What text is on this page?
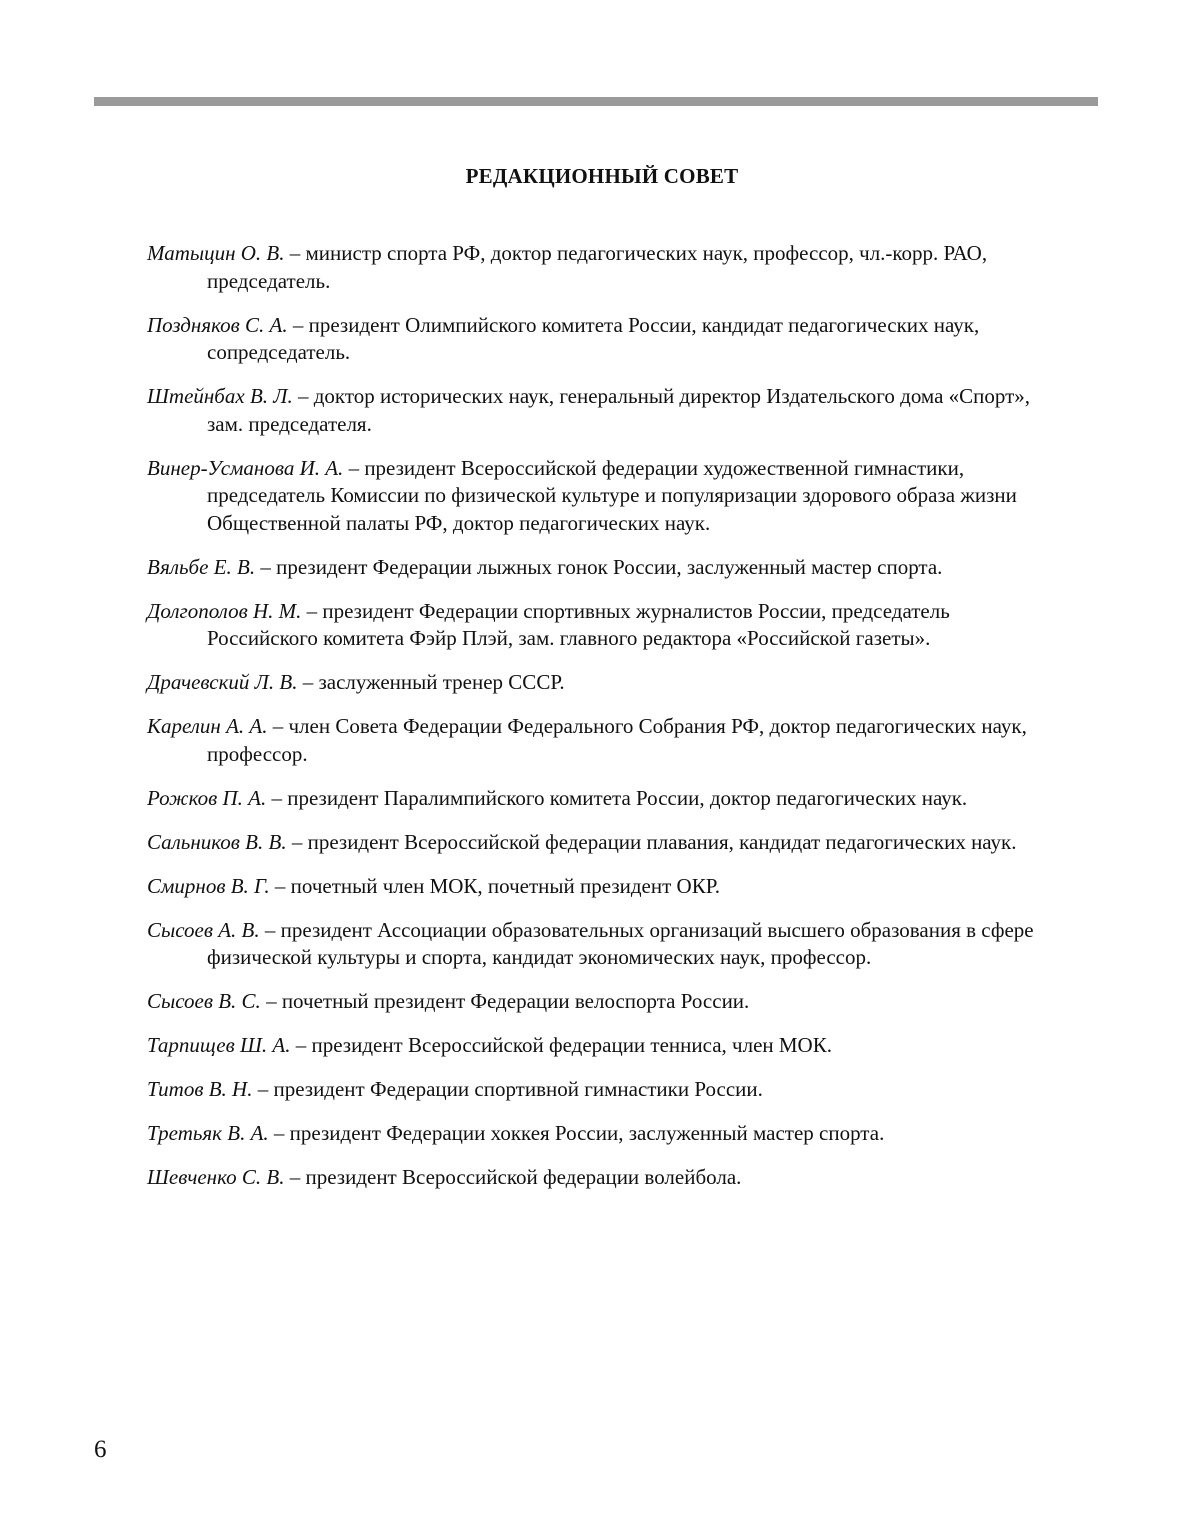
РЕДАКЦИОННЫЙ СОВЕТ
Матыцин О. В. – министр спорта РФ, доктор педагогических наук, профессор, чл.-корр. РАО, председатель.
Поздняков С. А. – президент Олимпийского комитета России, кандидат педагогических наук, сопредседатель.
Штейнбах В. Л. – доктор исторических наук, генеральный директор Издательского дома «Спорт», зам. председателя.
Винер-Усманова И. А. – президент Всероссийской федерации художественной гимнастики, председатель Комиссии по физической культуре и популяризации здорового образа жизни Общественной палаты РФ, доктор педагогических наук.
Вяльбе Е. В. – президент Федерации лыжных гонок России, заслуженный мастер спорта.
Долгополов Н. М. – президент Федерации спортивных журналистов России, председатель Российского комитета Фэйр Плэй, зам. главного редактора «Российской газеты».
Драчевский Л. В. – заслуженный тренер СССР.
Карелин А. А. – член Совета Федерации Федерального Собрания РФ, доктор педагогических наук, профессор.
Рожков П. А. – президент Паралимпийского комитета России, доктор педагогических наук.
Сальников В. В. – президент Всероссийской федерации плавания, кандидат педагогических наук.
Смирнов В. Г. – почетный член МОК, почетный президент ОКР.
Сысоев А. В. – президент Ассоциации образовательных организаций высшего образования в сфере физической культуры и спорта, кандидат экономических наук, профессор.
Сысоев В. С. – почетный президент Федерации велоспорта России.
Тарпищев Ш. А. – президент Всероссийской федерации тенниса, член МОК.
Титов В. Н. – президент Федерации спортивной гимнастики России.
Третьяк В. А. – президент Федерации хоккея России, заслуженный мастер спорта.
Шевченко С. В. – президент Всероссийской федерации волейбола.
6
